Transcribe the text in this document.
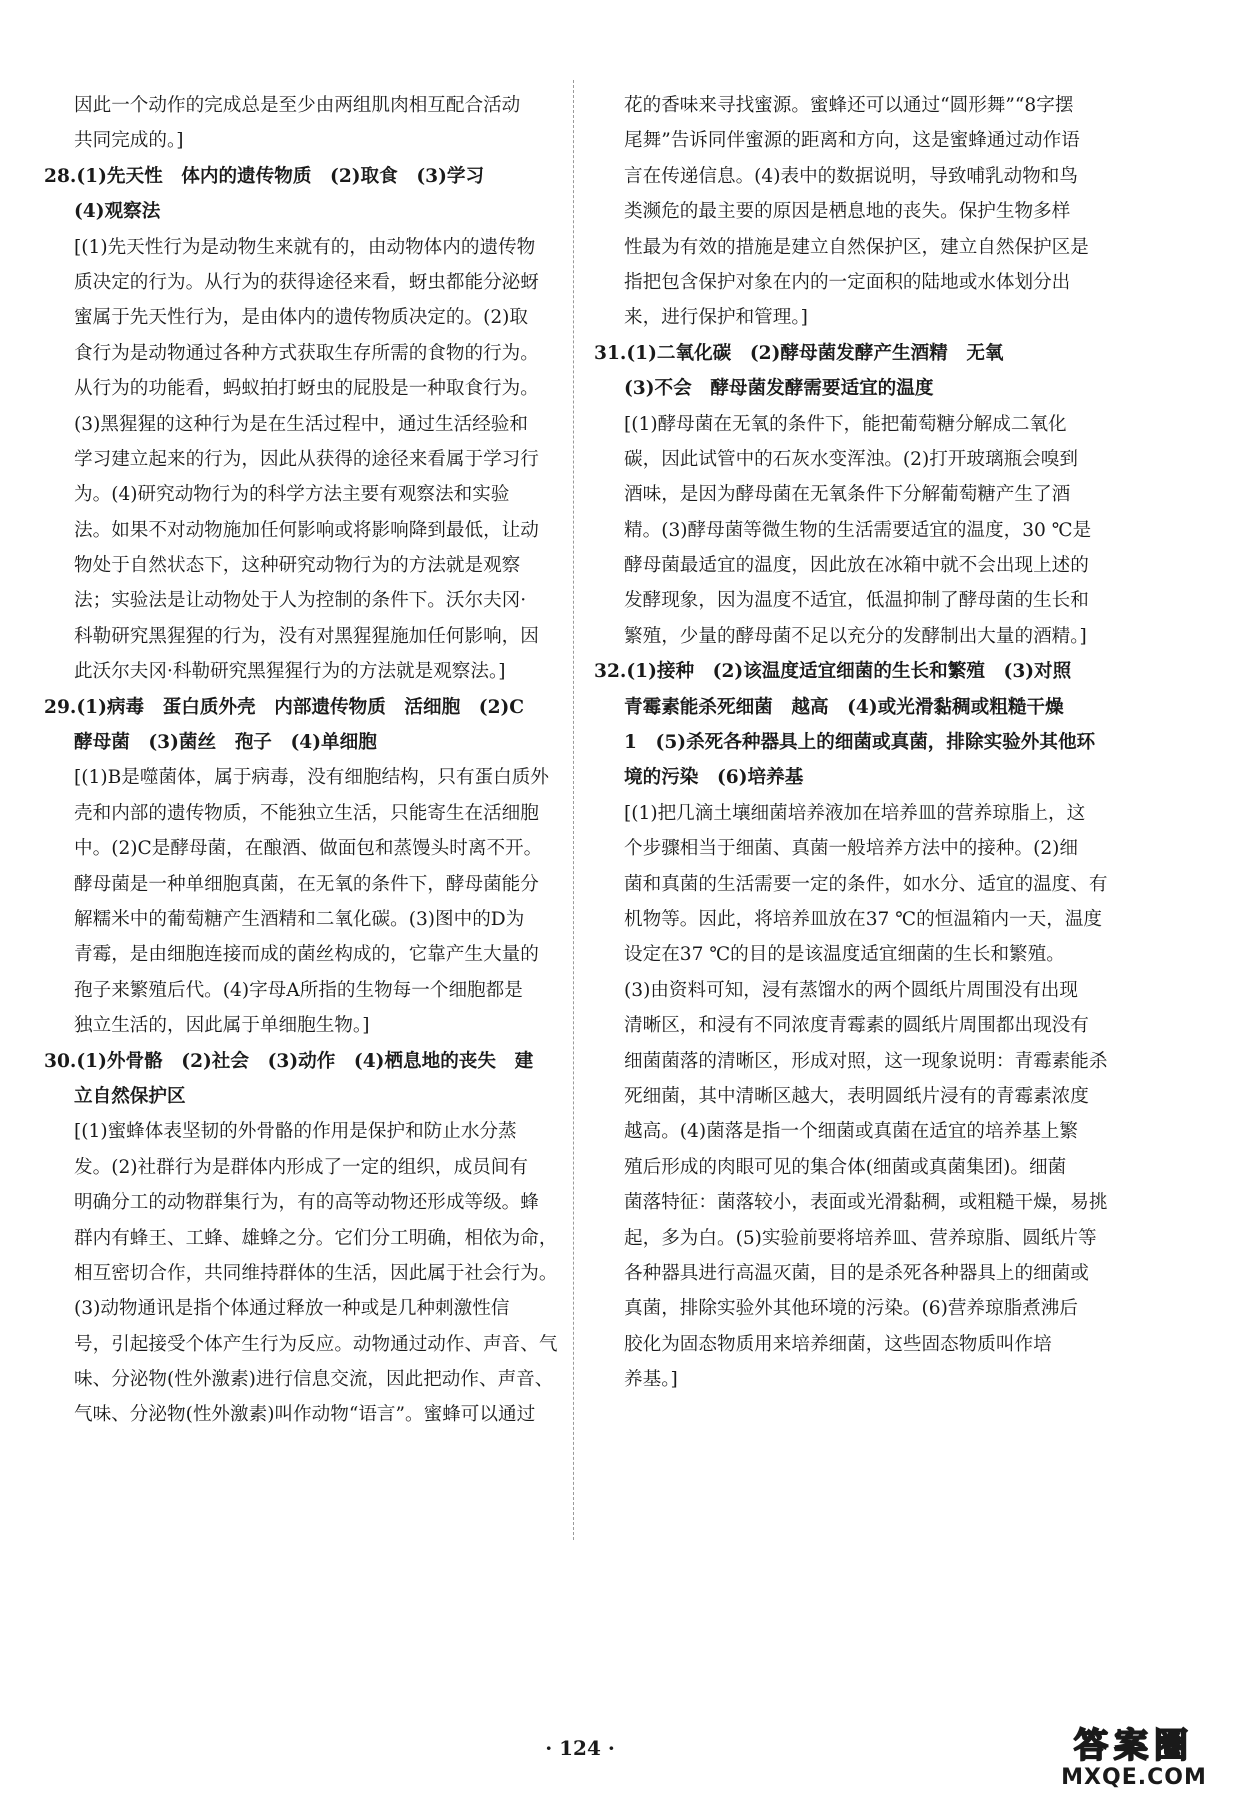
因此一个动作的完成总是至少由两组肌肉相互配合活动
共同完成的。]
28.(1)先天性　体内的遗传物质　(2)取食　(3)学习
(4)观察法
[(1)先天性行为是动物生来就有的，由动物体内的遗传物
质决定的行为。从行为的获得途径来看，蚜虫都能分泌蚜
蜜属于先天性行为，是由体内的遗传物质决定的。(2)取
食行为是动物通过各种方式获取生存所需的食物的行为。
从行为的功能看，蚂蚁拍打蚜虫的屁股是一种取食行为。
(3)黑猩猩的这种行为是在生活过程中，通过生活经验和
学习建立起来的行为，因此从获得的途径来看属于学习行
为。(4)研究动物行为的科学方法主要有观察法和实验
法。如果不对动物施加任何影响或将影响降到最低，让动
物处于自然状态下，这种研究动物行为的方法就是观察
法；实验法是让动物处于人为控制的条件下。沃尔夫冈·
科勒研究黑猩猩的行为，没有对黑猩猩施加任何影响，因
此沃尔夫冈·科勒研究黑猩猩行为的方法就是观察法。]
29.(1)病毒　蛋白质外壳　内部遗传物质　活细胞　(2)C
酵母菌　(3)菌丝　孢子　(4)单细胞
[(1)B是噬菌体，属于病毒，没有细胞结构，只有蛋白质外
壳和内部的遗传物质，不能独立生活，只能寄生在活细胞
中。(2)C是酵母菌，在酿酒、做面包和蒸馒头时离不开。
酵母菌是一种单细胞真菌，在无氧的条件下，酵母菌能分
解糯米中的葡萄糖产生酒精和二氧化碳。(3)图中的D为
青霉，是由细胞连接而成的菌丝构成的，它靠产生大量的
孢子来繁殖后代。(4)字母A所指的生物每一个细胞都是
独立生活的，因此属于单细胞生物。]
30.(1)外骨骼　(2)社会　(3)动作　(4)栖息地的丧失　建
立自然保护区
[(1)蜜蜂体表坚韧的外骨骼的作用是保护和防止水分蒸
发。(2)社群行为是群体内形成了一定的组织，成员间有
明确分工的动物群集行为，有的高等动物还形成等级。蜂
群内有蜂王、工蜂、雄蜂之分。它们分工明确，相依为命，
相互密切合作，共同维持群体的生活，因此属于社会行为。
(3)动物通讯是指个体通过释放一种或是几种刺激性信
号，引起接受个体产生行为反应。动物通过动作、声音、气
味、分泌物(性外激素)进行信息交流，因此把动作、声音、
气味、分泌物(性外激素)叫作动物“语言”。蜜蜂可以通过
花的香味来寻找蜜源。蜜蜂还可以通过“圆形舞”“8字摆
尾舞”告诉同伴蜜源的距离和方向，这是蜜蜂通过动作语
言在传递信息。(4)表中的数据说明，导致哺乳动物和鸟
类濒危的最主要的原因是栖息地的丧失。保护生物多样
性最为有效的措施是建立自然保护区，建立自然保护区是
指把包含保护对象在内的一定面积的陆地或水体划分出
来，进行保护和管理。]
31.(1)二氧化碳　(2)酵母菌发酵产生酒精　无氧
(3)不会　酵母菌发酵需要适宜的温度
[(1)酵母菌在无氧的条件下，能把葡萄糖分解成二氧化
碳，因此试管中的石灰水变浑浊。(2)打开玻璃瓶会嗅到
酒味，是因为酵母菌在无氧条件下分解葡萄糖产生了酒
精。(3)酵母菌等微生物的生活需要适宜的温度，30 ℃是
酵母菌最适宜的温度，因此放在冰箱中就不会出现上述的
发酵现象，因为温度不适宜，低温抑制了酵母菌的生长和
繁殖，少量的酵母菌不足以充分的发酵制出大量的酒精。]
32.(1)接种　(2)该温度适宜细菌的生长和繁殖　(3)对照
青霉素能杀死细菌　越高　(4)或光滑黏稠或粗糙干燥
1　(5)杀死各种器具上的细菌或真菌，排除实验外其他环
境的污染　(6)培养基
[(1)把几滴土壤细菌培养液加在培养皿的营养琼脂上，这
个步骤相当于细菌、真菌一般培养方法中的接种。(2)细
菌和真菌的生活需要一定的条件，如水分、适宜的温度、有
机物等。因此，将培养皿放在37 ℃的恒温箱内一天，温度
设定在37 ℃的目的是该温度适宜细菌的生长和繁殖。
(3)由资料可知，浸有蒸馏水的两个圆纸片周围没有出现
清晰区，和浸有不同浓度青霉素的圆纸片周围都出现没有
细菌菌落的清晰区，形成对照，这一现象说明：青霉素能杀
死细菌，其中清晰区越大，表明圆纸片浸有的青霉素浓度
越高。(4)菌落是指一个细菌或真菌在适宜的培养基上繁
殖后形成的肉眼可见的集合体(细菌或真菌集团)。细菌
菌落特征：菌落较小，表面或光滑黏稠，或粗糙干燥，易挑
起，多为白。(5)实验前要将培养皿、营养琼脂、圆纸片等
各种器具进行高温灭菌，目的是杀死各种器具上的细菌或
真菌，排除实验外其他环境的污染。(6)营养琼脂煮沸后
胶化为固态物质用来培养细菌，这些固态物质叫作培
养基。]
· 124 ·	答案圈
MXQE.COM
